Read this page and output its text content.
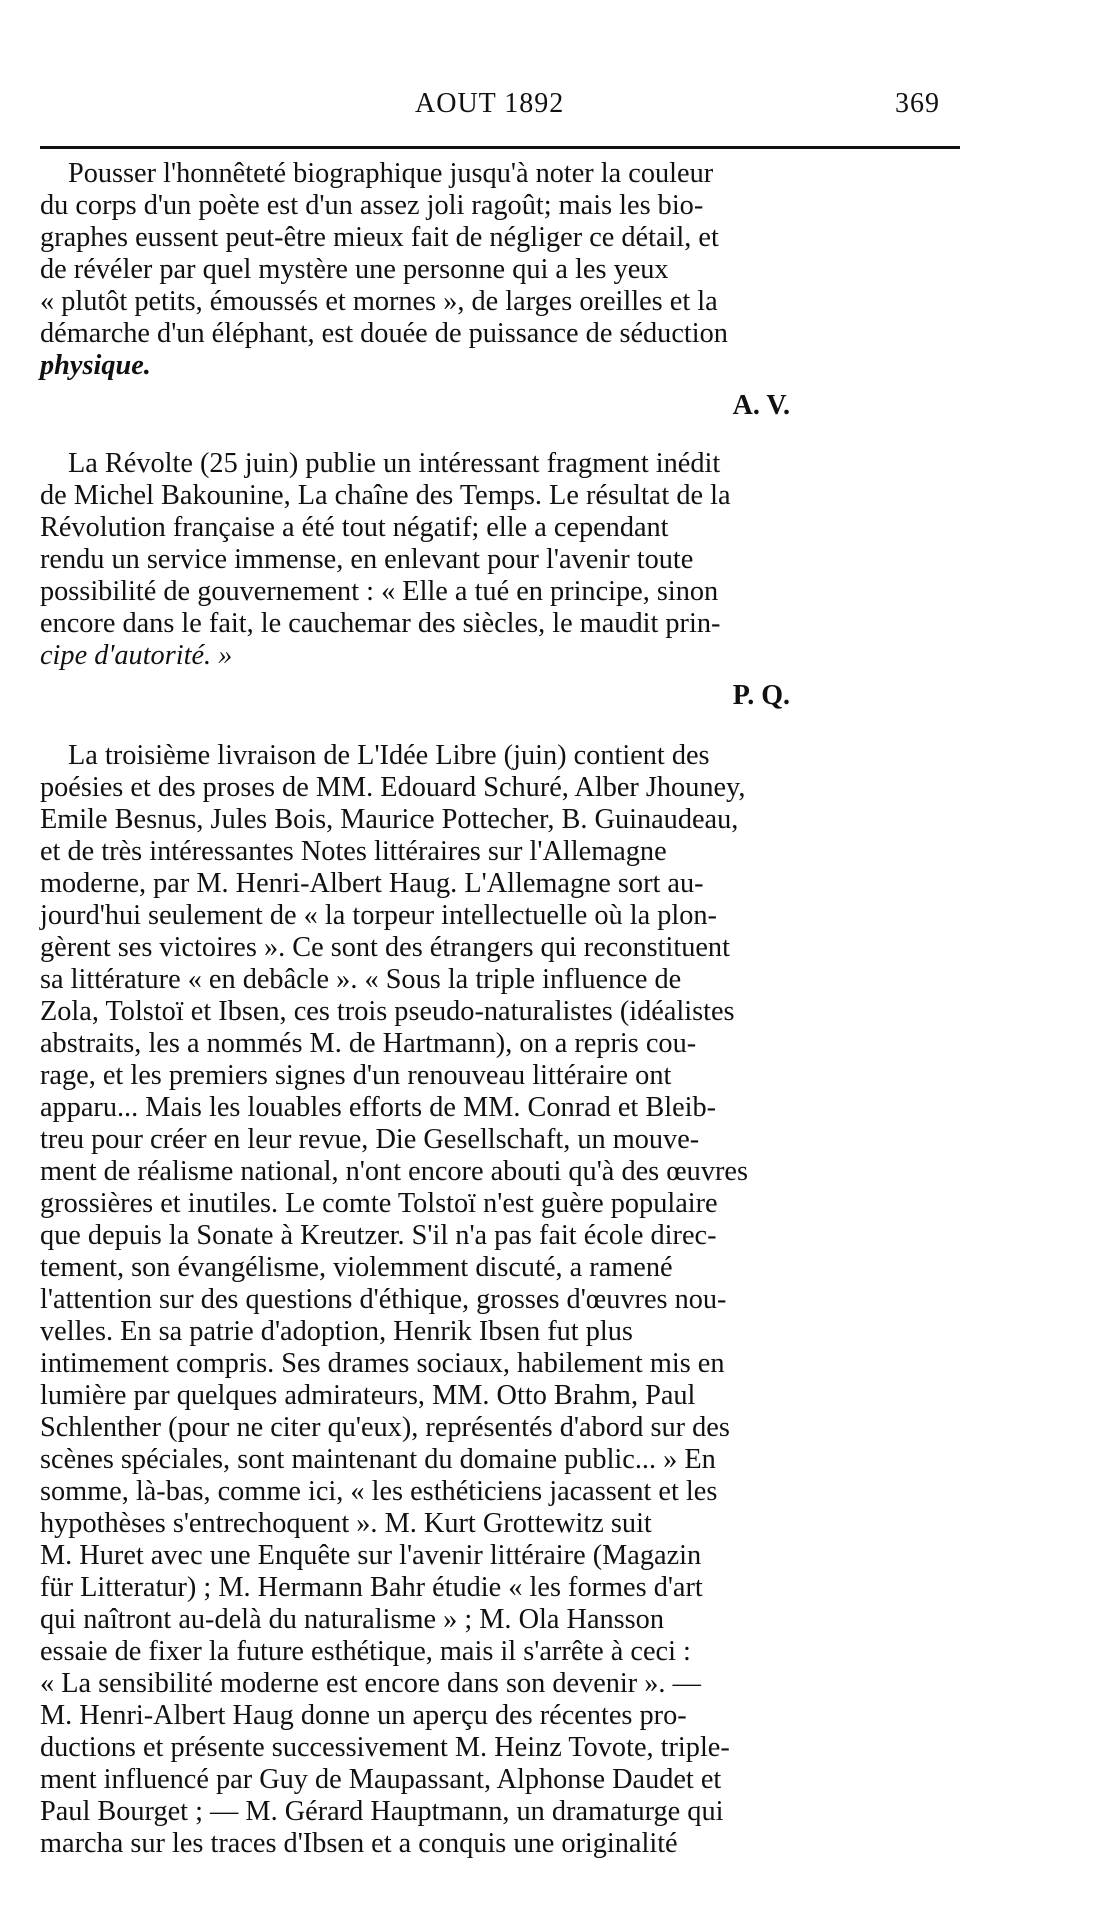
AOUT 1892	369
Pousser l'honnêteté biographique jusqu'à noter la couleur
du corps d'un poète est d'un assez joli ragoût; mais les bio-
graphes eussent peut-être mieux fait de négliger ce détail, et
de révéler par quel mystère une personne qui a les yeux
« plutôt petits, émoussés et mornes », de larges oreilles et la
démarche d'un éléphant, est douée de puissance de séduction
physique.
A. V.
La Révolte (25 juin) publie un intéressant fragment inédit
de Michel Bakounine, La chaîne des Temps. Le résultat de la
Révolution française a été tout négatif; elle a cependant
rendu un service immense, en enlevant pour l'avenir toute
possibilité de gouvernement : « Elle a tué en principe, sinon
encore dans le fait, le cauchemar des siècles, le maudit prin-
cipe d'autorité. »
P. Q.
La troisième livraison de L'Idée Libre (juin) contient des
poésies et des proses de MM. Edouard Schuré, Alber Jhouney,
Emile Besnus, Jules Bois, Maurice Pottecher, B. Guinaudeau,
et de très intéressantes Notes littéraires sur l'Allemagne
moderne, par M. Henri-Albert Haug. L'Allemagne sort au-
jourd'hui seulement de « la torpeur intellectuelle où la plon-
gèrent ses victoires ». Ce sont des étrangers qui reconstituent
sa littérature « en debâcle ». « Sous la triple influence de
Zola, Tolstoï et Ibsen, ces trois pseudo-naturalistes (idéalistes
abstraits, les a nommés M. de Hartmann), on a repris cou-
rage, et les premiers signes d'un renouveau littéraire ont
apparu... Mais les louables efforts de MM. Conrad et Bleib-
treu pour créer en leur revue, Die Gesellschaft, un mouve-
ment de réalisme national, n'ont encore abouti qu'à des œuvres
grossières et inutiles. Le comte Tolstoï n'est guère populaire
que depuis la Sonate à Kreutzer. S'il n'a pas fait école direc-
tement, son évangélisme, violemment discuté, a ramené
l'attention sur des questions d'éthique, grosses d'œuvres nou-
velles. En sa patrie d'adoption, Henrik Ibsen fut plus
intimement compris. Ses drames sociaux, habilement mis en
lumière par quelques admirateurs, MM. Otto Brahm, Paul
Schlenther (pour ne citer qu'eux), représentés d'abord sur des
scènes spéciales, sont maintenant du domaine public... » En
somme, là-bas, comme ici, « les esthéticiens jacassent et les
hypothèses s'entrechoquent ». M. Kurt Grottewitz suit
M. Huret avec une Enquête sur l'avenir littéraire (Magazin
für Litteratur) ; M. Hermann Bahr étudie « les formes d'art
qui naîtront au-delà du naturalisme » ; M. Ola Hansson
essaie de fixer la future esthétique, mais il s'arrête à ceci :
« La sensibilité moderne est encore dans son devenir ». —
M. Henri-Albert Haug donne un aperçu des récentes pro-
ductions et présente successivement M. Heinz Tovote, triple-
ment influencé par Guy de Maupassant, Alphonse Daudet et
Paul Bourget ; — M. Gérard Hauptmann, un dramaturge qui
marcha sur les traces d'Ibsen et a conquis une originalité
